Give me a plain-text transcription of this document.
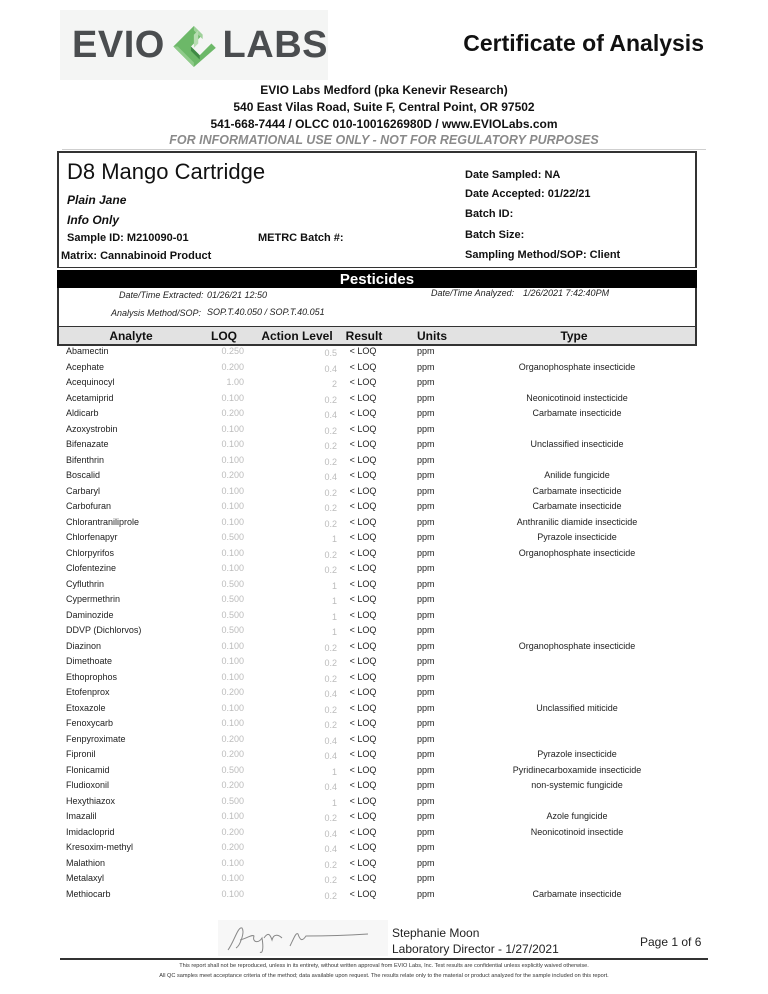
EVIO LABS	Certificate of Analysis
EVIO Labs Medford (pka Kenevir Research)
540 East Vilas Road, Suite F, Central Point, OR 97502
541-668-7444 / OLCC 010-1001626980D / www.EVIOLabs.com
FOR INFORMATIONAL USE ONLY - NOT FOR REGULATORY PURPOSES
D8 Mango Cartridge
Plain Jane
Info Only
Sample ID: M210090-01	METRC Batch #:
Matrix: Cannabinoid Product
Date Sampled: NA
Date Accepted: 01/22/21
Batch ID:
Batch Size:
Sampling Method/SOP: Client
Pesticides
Date/Time Extracted: 01/26/21 12:50	Date/Time Analyzed: 1/26/2021 7:42:40PM
Analysis Method/SOP: SOP.T.40.050 / SOP.T.40.051
Analyte	LOQ	Action Level	Result	Units	Type
Abamectin	0.250	0.5 < LOQ	ppm
Acephate	0.200	0.4 < LOQ	ppm	Organophosphate insecticide
Acequinocyl	1.00	2 < LOQ	ppm
Acetamiprid	0.100	0.2 < LOQ	ppm	Neonicotinoid instecticide
Aldicarb	0.200	0.4 < LOQ	ppm	Carbamate insecticide
Azoxystrobin	0.100	0.2 < LOQ	ppm
Bifenazate	0.100	0.2 < LOQ	ppm	Unclassified insecticide
Bifenthrin	0.100	0.2 < LOQ	ppm
Boscalid	0.200	0.4 < LOQ	ppm	Anilide fungicide
Carbaryl	0.100	0.2 < LOQ	ppm	Carbamate insecticide
Carbofuran	0.100	0.2 < LOQ	ppm	Carbamate insecticide
Chlorantraniliprole	0.100	0.2 < LOQ	ppm	Anthranilic diamide insecticide
Chlorfenapyr	0.500	1 < LOQ	ppm	Pyrazole insecticide
Chlorpyrifos	0.100	0.2 < LOQ	ppm	Organophosphate insecticide
Clofentezine	0.100	0.2 < LOQ	ppm
Cyfluthrin	0.500	1 < LOQ	ppm
Cypermethrin	0.500	1 < LOQ	ppm
Daminozide	0.500	1 < LOQ	ppm
DDVP (Dichlorvos)	0.500	1 < LOQ	ppm
Diazinon	0.100	0.2 < LOQ	ppm	Organophosphate insecticide
Dimethoate	0.100	0.2 < LOQ	ppm
Ethoprophos	0.100	0.2 < LOQ	ppm
Etofenprox	0.200	0.4 < LOQ	ppm
Etoxazole	0.100	0.2 < LOQ	ppm	Unclassified miticide
Fenoxycarb	0.100	0.2 < LOQ	ppm
Fenpyroximate	0.200	0.4 < LOQ	ppm
Fipronil	0.200	0.4 < LOQ	ppm	Pyrazole insecticide
Flonicamid	0.500	1 < LOQ	ppm	Pyridinecarboxamide insecticide
Fludioxonil	0.200	0.4 < LOQ	ppm	non-systemic fungicide
Hexythiazox	0.500	1 < LOQ	ppm
Imazalil	0.100	0.2 < LOQ	ppm	Azole fungicide
Imidacloprid	0.200	0.4 < LOQ	ppm	Neonicotinoid insectide
Kresoxim-methyl	0.200	0.4 < LOQ	ppm
Malathion	0.100	0.2 < LOQ	ppm
Metalaxyl	0.100	0.2 < LOQ	ppm
Methiocarb	0.100	0.2 < LOQ	ppm	Carbamate insecticide
Stephanie Moon
Laboratory Director - 1/27/2021	Page 1 of 6
This report shall not be reproduced, unless in its entirety, without written approval from EVIO Labs, Inc. Test results are confidential unless explicitly waived otherwise.
All QC samples meet acceptance criteria of the method; data available upon request. The results relate only to the material or product analyzed for the sample included on this report.
